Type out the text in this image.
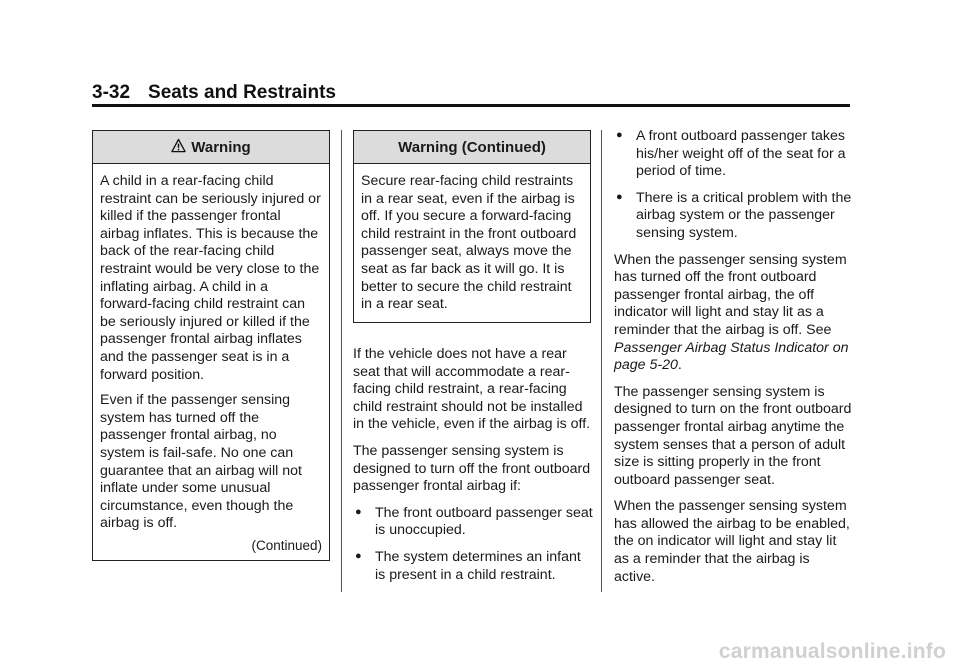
3-32 Seats and Restraints
Warning

A child in a rear-facing child restraint can be seriously injured or killed if the passenger frontal airbag inflates. This is because the back of the rear-facing child restraint would be very close to the inflating airbag. A child in a forward-facing child restraint can be seriously injured or killed if the passenger frontal airbag inflates and the passenger seat is in a forward position.

Even if the passenger sensing system has turned off the passenger frontal airbag, no system is fail-safe. No one can guarantee that an airbag will not inflate under some unusual circumstance, even though the airbag is off.

(Continued)
Warning (Continued)

Secure rear-facing child restraints in a rear seat, even if the airbag is off. If you secure a forward-facing child restraint in the front outboard passenger seat, always move the seat as far back as it will go. It is better to secure the child restraint in a rear seat.

If the vehicle does not have a rear seat that will accommodate a rear-facing child restraint, a rear-facing child restraint should not be installed in the vehicle, even if the airbag is off.

The passenger sensing system is designed to turn off the front outboard passenger frontal airbag if:

● The front outboard passenger seat is unoccupied.
● The system determines an infant is present in a child restraint.
● A front outboard passenger takes his/her weight off of the seat for a period of time.
● There is a critical problem with the airbag system or the passenger sensing system.

When the passenger sensing system has turned off the front outboard passenger frontal airbag, the off indicator will light and stay lit as a reminder that the airbag is off. See Passenger Airbag Status Indicator on page 5-20.

The passenger sensing system is designed to turn on the front outboard passenger frontal airbag anytime the system senses that a person of adult size is sitting properly in the front outboard passenger seat.

When the passenger sensing system has allowed the airbag to be enabled, the on indicator will light and stay lit as a reminder that the airbag is active.

carmanualsonline.info
